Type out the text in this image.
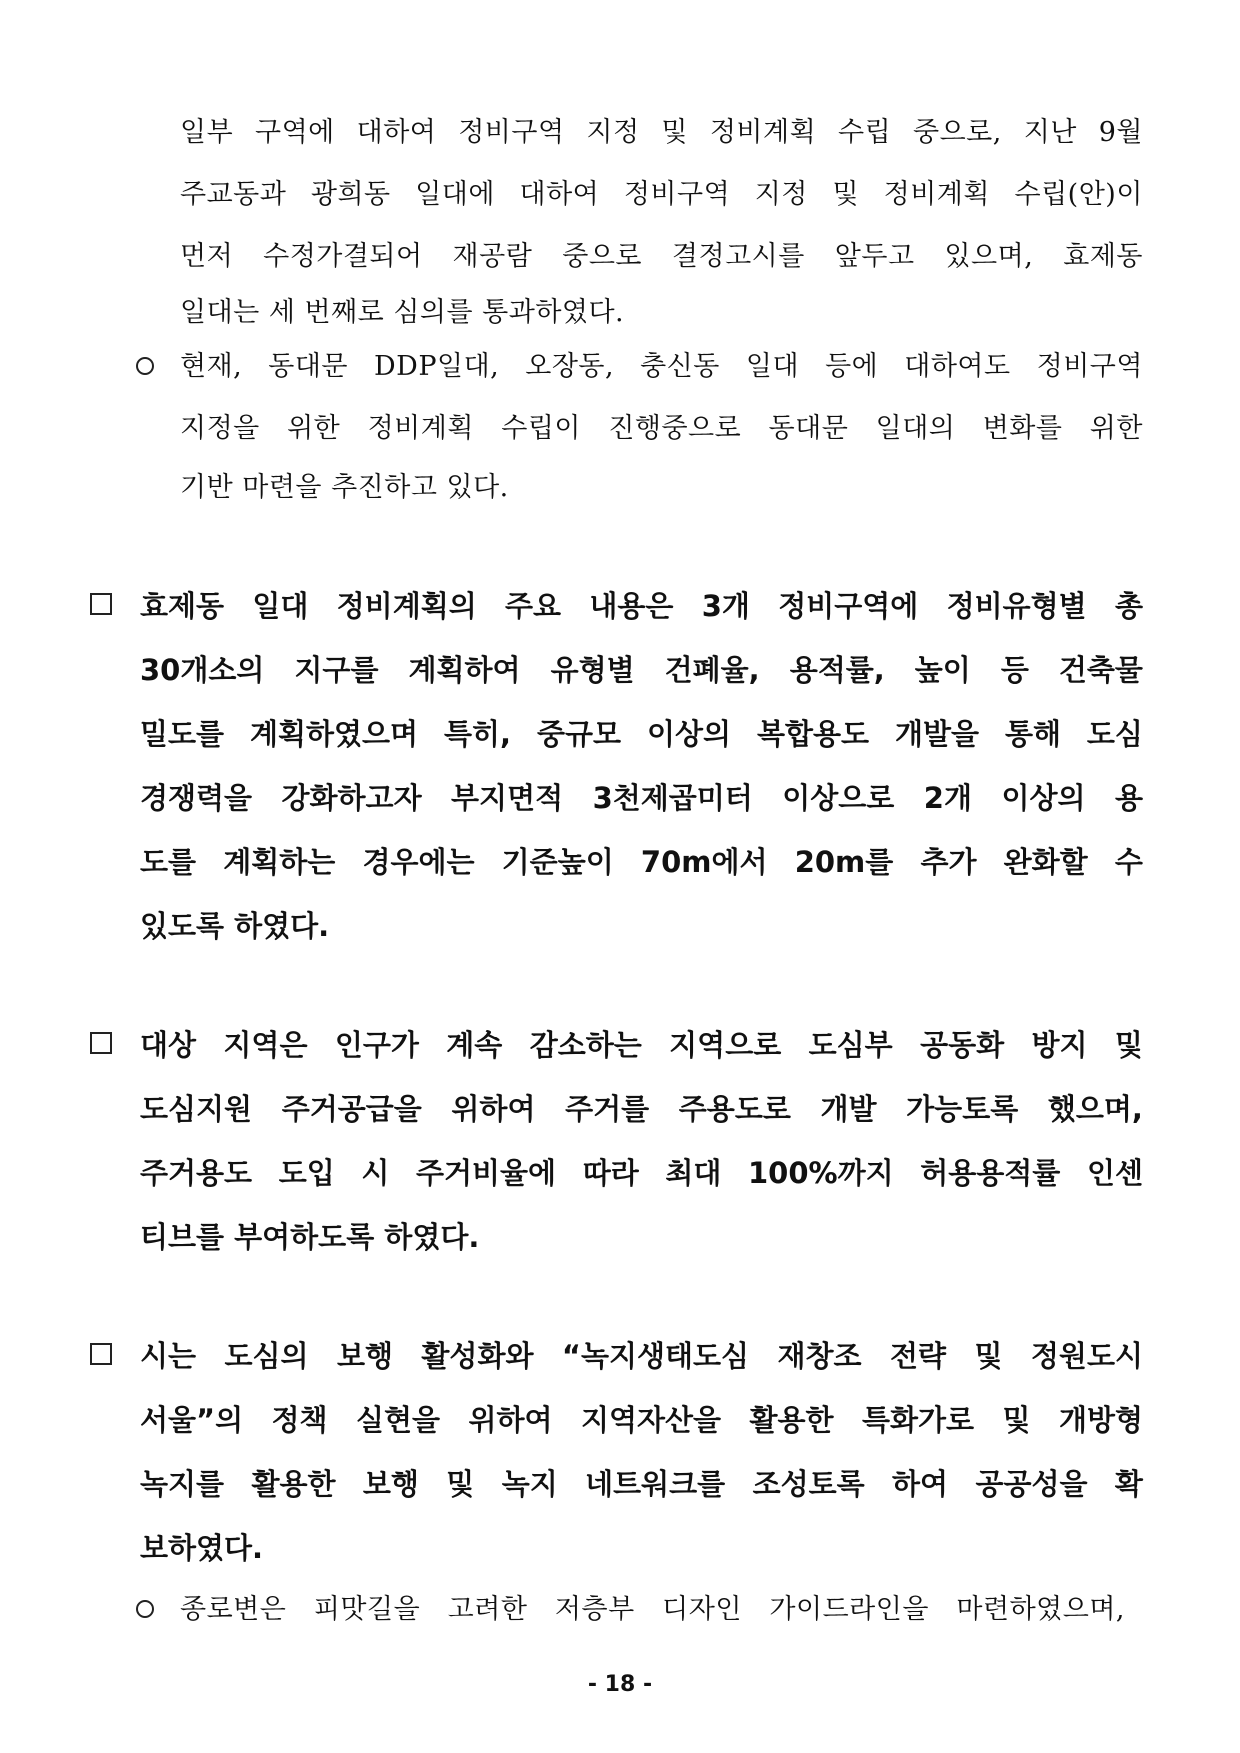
일부 구역에 대하여 정비구역 지정 및 정비계획 수립 중으로, 지난 9월
주교동과 광희동 일대에 대하여 정비구역 지정 및 정비계획 수립(안)이
먼저 수정가결되어 재공람 중으로 결정고시를 앞두고 있으며, 효제동
일대는 세 번째로 심의를 통과하였다.
현재, 동대문 DDP일대, 오장동, 충신동 일대 등에 대하여도 정비구역
지정을 위한 정비계획 수립이 진행중으로 동대문 일대의 변화를 위한
기반 마련을 추진하고 있다.
효제동 일대 정비계획의 주요 내용은 3개 정비구역에 정비유형별 총
30개소의 지구를 계획하여 유형별 건폐율, 용적률, 높이 등 건축물
밀도를 계획하였으며 특히, 중규모 이상의 복합용도 개발을 통해 도심
경쟁력을 강화하고자 부지면적 3천제곱미터 이상으로 2개 이상의 용
도를 계획하는 경우에는 기준높이 70m에서 20m를 추가 완화할 수
있도록 하였다.
대상 지역은 인구가 계속 감소하는 지역으로 도심부 공동화 방지 및
도심지원 주거공급을 위하여 주거를 주용도로 개발 가능토록 했으며,
주거용도 도입 시 주거비율에 따라 최대 100%까지 허용용적률 인센
티브를 부여하도록 하였다.
시는 도심의 보행 활성화와 “녹지생태도심 재창조 전략 및 정원도시
서울”의 정책 실현을 위하여 지역자산을 활용한 특화가로 및 개방형
녹지를 활용한 보행 및 녹지 네트워크를 조성토록 하여 공공성을 확
보하였다.
종로변은 피맛길을 고려한 저층부 디자인 가이드라인을 마련하였으며,
- 18 -
